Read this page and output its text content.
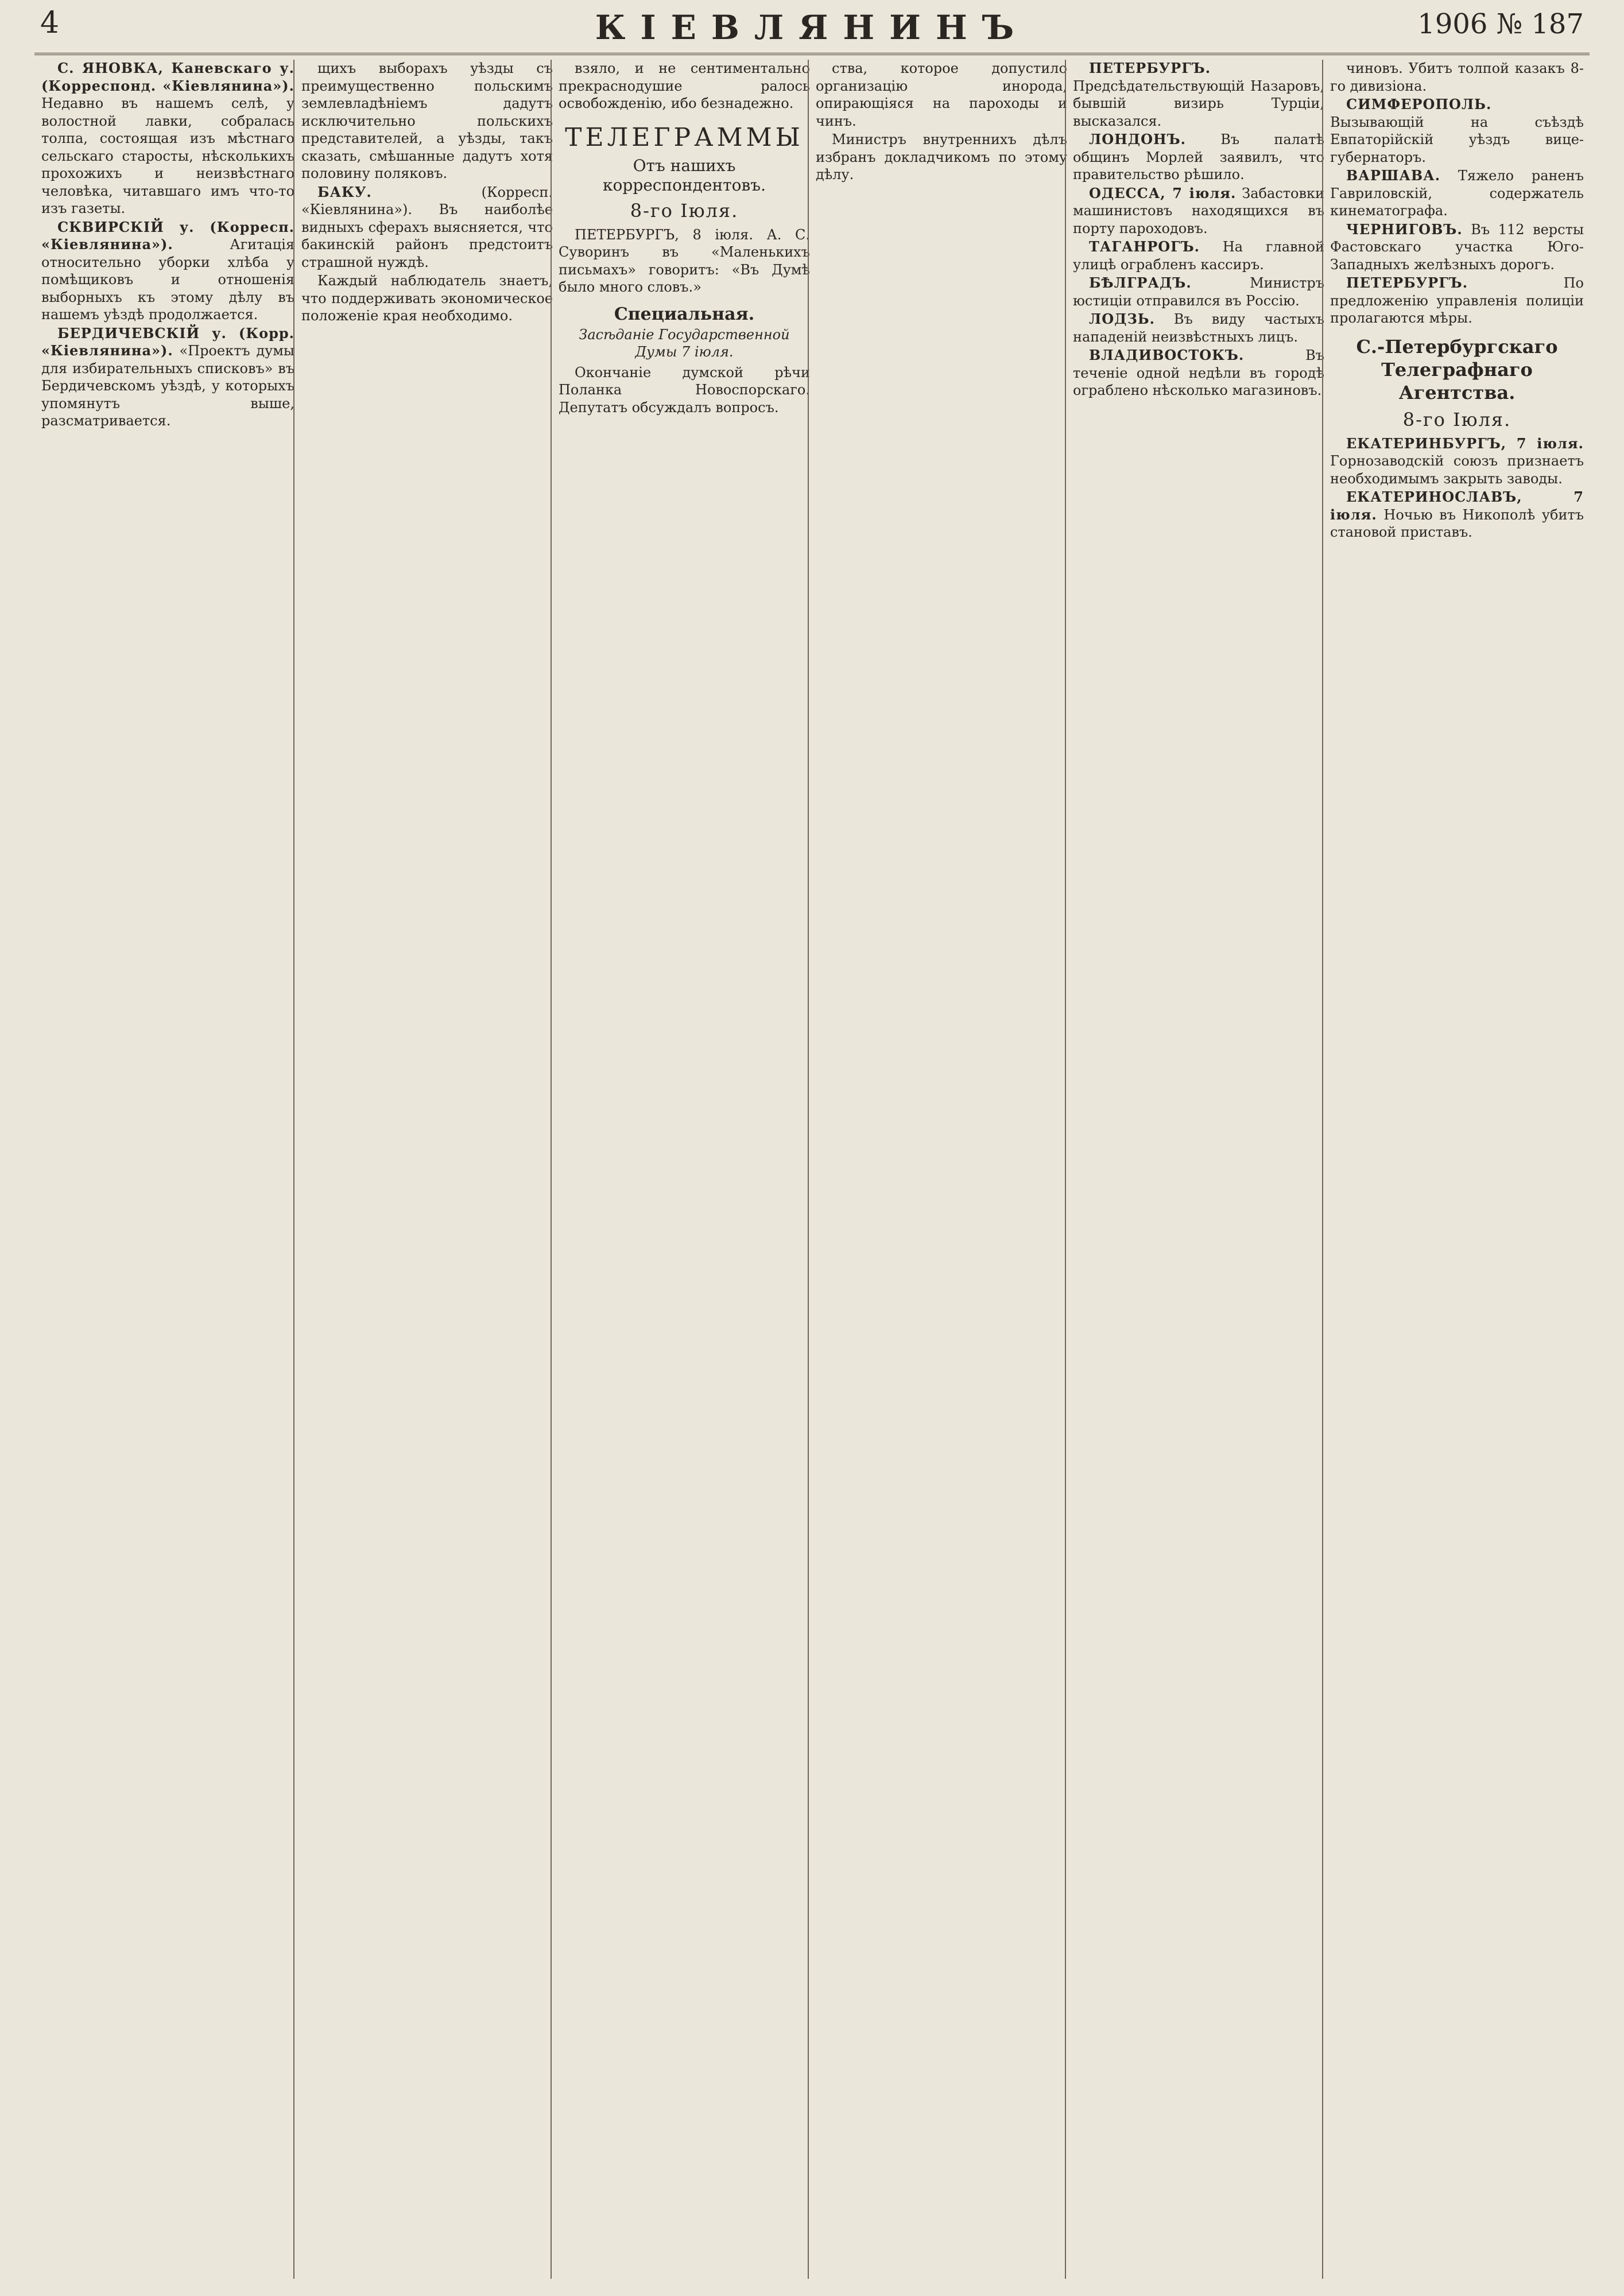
4	КІЕВЛЯНИНЪ	1906 № 187

С. ЯНОВКА, Каневскаго у. (Корреспонд. «Кіевлянина»). Недавно въ нашемъ селѣ, у волостной лавки, собралась толпа, состоящая изъ мѣстнаго сельскаго старосты, нѣсколькихъ прохожихъ и неизвѣстнаго человѣка, читавшаго имъ что-то изъ газеты.

СКВИРСКІЙ у. (Корресп. «Кіевлянина»).	Агитація относительно уборки хлѣба у помѣщиковъ и отношенія выборныхъ къ этому дѣлу въ нашемъ уѣздѣ продолжается.

БЕРДИЧЕВСКІЙ у. (Корр. «Кіевлянина»). «Проектъ думы для избирательныхъ списковъ» въ Бердичевскомъ уѣздѣ, у которыхъ упомянутъ выше, разсматривается.

щихъ выборахъ уѣзды съ преимущественно польскимъ землевладѣніемъ дадутъ исключительно польскихъ представителей, а уѣзды, такъ сказать, смѣшанные дадутъ хотя половину поляковъ.

БАКУ.	(Корресп. «Кіевлянина»). Въ наиболѣе видныхъ сферахъ выясняется, что бакинскій районъ предстоитъ страшной нуждѣ.

Каждый наблюдатель знаетъ, что поддерживать экономическое положеніе края необходимо.

взяло, и не сентиментально прекраснодушие ралось освобожденію, ибо безнадежно.

ТЕЛЕГРАММЫ
Отъ нашихъ корреспондентовъ.
8-го Іюля.

ПЕТЕРБУРГЪ, 8 іюля. А. С. Суворинъ въ «Маленькихъ письмахъ» говоритъ: «Въ Думѣ было много словъ.»

Специальная.
Засѣданіе Государственной Думы 7 іюля.

Окончаніе думской рѣчи Поланка Новоспорскаго. Депутатъ обсуждалъ вопросъ.

ства, которое допустило организацію инорода, опирающіяся на пароходы и чинъ.

Министръ внутреннихъ дѣлъ избранъ докладчикомъ по этому дѣлу.

ПЕТЕРБУРГЪ. Предсѣдательствующій Назаровъ, бывшій визирь Турціи, высказался.

ЛОНДОНЪ.	Въ палатѣ общинъ Морлей заявилъ, что правительство рѣшило.

ОДЕССА, 7 іюля. Забастовки машинистовъ находящихся въ порту пароходовъ.

ТАГАНРОГЪ. На главной улицѣ ограбленъ кассиръ.

БѢЛГРАДЪ.	Министръ юстиціи отправился въ Россію.

ЛОДЗЬ. Въ виду частыхъ нападеній неизвѣстныхъ лицъ.

ВЛАДИВОСТОКЪ.	Въ теченіе одной недѣли въ городѣ ограблено нѣсколько магазиновъ.

чиновъ. Убитъ толпой казакъ 8-го дивизіона.

СИМФЕРОПОЛЬ. Вызывающій на съѣздѣ Евпаторійскій уѣздъ вице-губернаторъ.

ВАРШАВА. Тяжело раненъ Гавриловскій, содержатель кинематографа.

ЧЕРНИГОВЪ. Въ 112 версты Фастовскаго участка Юго-Западныхъ желѣзныхъ дорогъ.

ПЕТЕРБУРГЪ.	По предложенію управленія полиціи пролагаются мѣры.

С.-Петербургскаго Телеграфнаго Агентства.
8-го Іюля.

ЕКАТЕРИНБУРГЪ, 7 іюля. Горнозаводскій союзъ признаетъ необходимымъ закрыть заводы.

ЕКАТЕРИНОСЛАВЪ, 7 іюля. Ночью въ Никополѣ убитъ становой приставъ.
